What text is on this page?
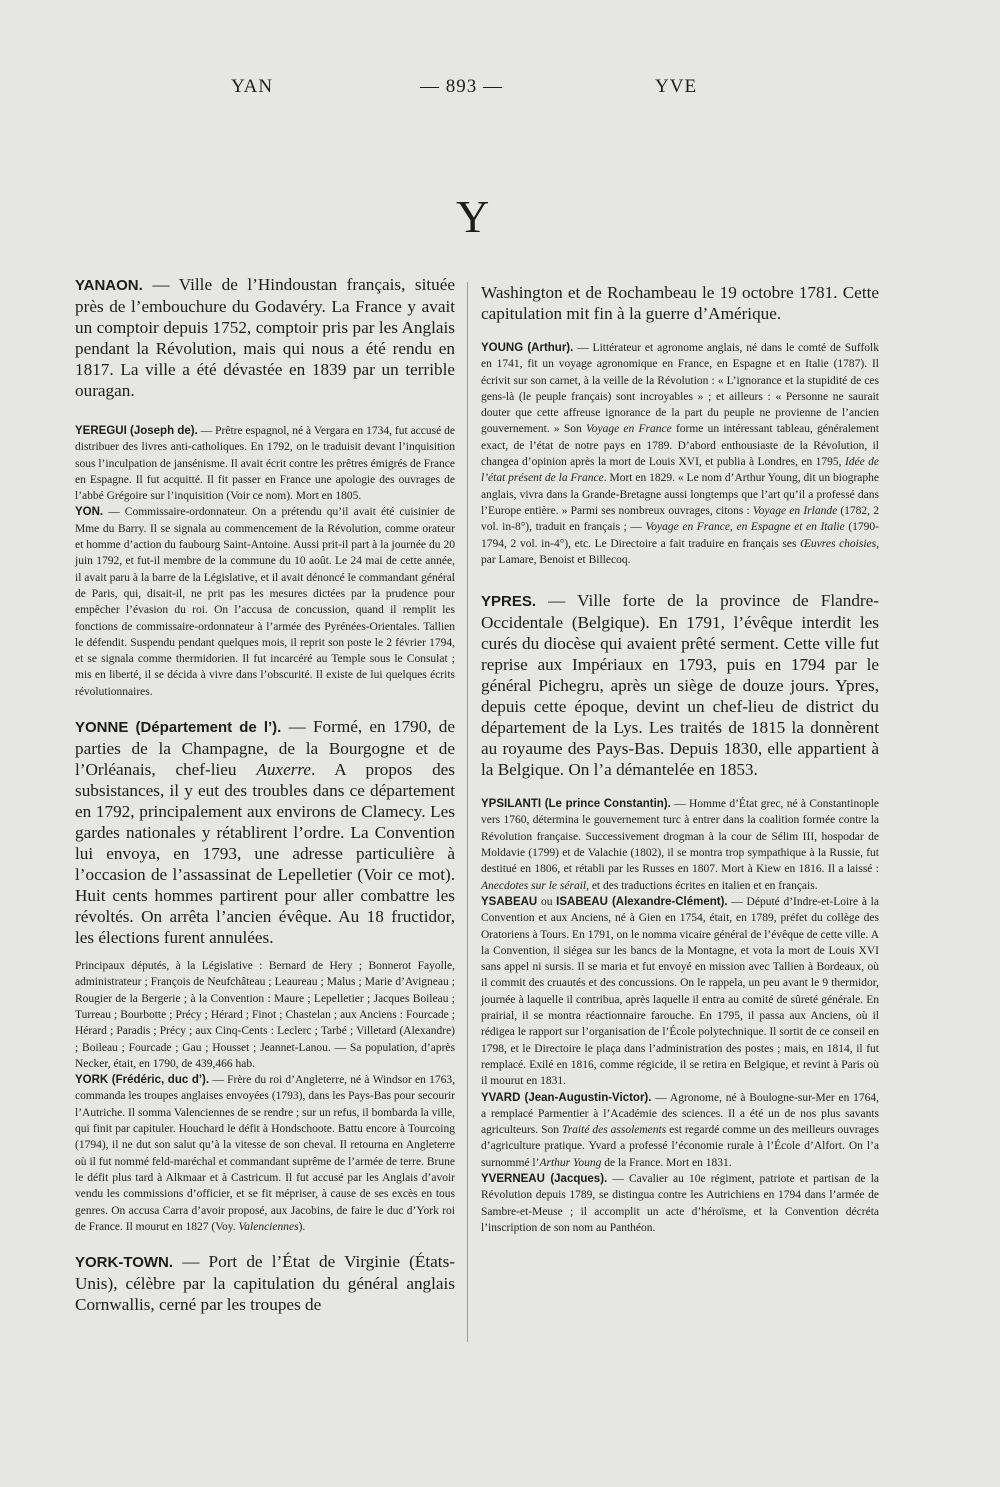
YAN	— 893 —	YVE
Y

YANAON. — Ville de l’Hindoustan français, située près de l’embouchure du Godavéry. La France y avait un comptoir depuis 1752, comptoir pris par les Anglais pendant la Révolution, mais qui nous a été rendu en 1817. La ville a été dévastée en 1839 par un terrible ouragan.

YEREGUI (Joseph de). — Prêtre espagnol, né à Vergara en 1734, fut accusé de distribuer des livres anti-catholiques. En 1792, on le traduisit devant l’inquisition sous l’inculpation de jansénisme. Il avait écrit contre les prêtres émigrés de France en Espagne. Il fut acquitté. Il fit passer en France une apologie des ouvrages de l’abbé Grégoire sur l’inquisition (Voir ce nom). Mort en 1805.

YON. — Commissaire-ordonnateur. On a prétendu qu’il avait été cuisinier de Mme du Barry. Il se signala au commencement de la Révolution, comme orateur et homme d’action du faubourg Saint-Antoine. Aussi prit-il part à la journée du 20 juin 1792, et fut-il membre de la commune du 10 août. Le 24 mai de cette année, il avait paru à la barre de la Législative, et il avait dénoncé le commandant général de Paris, qui, disait-il, ne prit pas les mesures dictées par la prudence pour empêcher l’évasion du roi. On l’accusa de concussion, quand il remplit les fonctions de commissaire-ordonnateur à l’armée des Pyrénées-Orientales. Tallien le défendit. Suspendu pendant quelques mois, il reprit son poste le 2 février 1794, et se signala comme thermidorien. Il fut incarcéré au Temple sous le Consulat ; mis en liberté, il se décida à vivre dans l’obscurité. Il existe de lui quelques écrits révolutionnaires.

YONNE (Département de l’). — Formé, en 1790, de parties de la Champagne, de la Bourgogne et de l’Orléanais, chef-lieu Auxerre. A propos des subsistances, il y eut des troubles dans ce département en 1792, principalement aux environs de Clamecy. Les gardes nationales y rétablirent l’ordre. La Convention lui envoya, en 1793, une adresse particulière à l’occasion de l’assassinat de Lepelletier (Voir ce mot). Huit cents hommes partirent pour aller combattre les révoltés. On arrêta l’ancien évêque. Au 18 fructidor, les élections furent annulées.

Principaux députés, à la Législative : Bernard de Hery ; Bonnerot Fayolle, administrateur ; François de Neufchâteau ; Leaureau ; Malus ; Marie d’Avigneau ; Rougier de la Bergerie ; à la Convention : Maure ; Lepelletier ; Jacques Boileau ; Turreau ; Bourbotte ; Précy ; Hérard ; Finot ; Chastelan ; aux Anciens : Fourcade ; Hérard ; Paradis ; Précy ; aux Cinq-Cents : Leclerc ; Tarbé ; Villetard (Alexandre) ; Boileau ; Fourcade ; Gau ; Housset ; Jeannet-Lanou. — Sa population, d’après Necker, était, en 1790, de 439,466 hab.

YORK (Frédéric, duc d’). — Frère du roi d’Angleterre, né à Windsor en 1763, commanda les troupes anglaises envoyées (1793), dans les Pays-Bas pour secourir l’Autriche. Il somma Valenciennes de se rendre ; sur un refus, il bombarda la ville, qui finit par capituler. Houchard le défit à Hondschoote. Battu encore à Tourcoing (1794), il ne dut son salut qu’à la vitesse de son cheval. Il retourna en Angleterre où il fut nommé feld-maréchal et commandant suprême de l’armée de terre. Brune le défit plus tard à Alkmaar et à Castricum. Il fut accusé par les Anglais d’avoir vendu les commissions d’officier, et se fit mépriser, à cause de ses excès en tous genres. On accusa Carra d’avoir proposé, aux Jacobins, de faire le duc d’York roi de France. Il mourut en 1827 (Voy. Valenciennes).

YORK-TOWN. — Port de l’État de Virginie (États-Unis), célèbre par la capitulation du général anglais Cornwallis, cerné par les troupes de

Washington et de Rochambeau le 19 octobre 1781. Cette capitulation mit fin à la guerre d’Amérique.

YOUNG (Arthur). — Littérateur et agronome anglais, né dans le comté de Suffolk en 1741, fit un voyage agronomique en France, en Espagne et en Italie (1787). Il écrivit sur son carnet, à la veille de la Révolution : « L’ignorance et la stupidité de ces gens-là (le peuple français) sont incroyables » ; et ailleurs : « Personne ne saurait douter que cette affreuse ignorance de la part du peuple ne provienne de l’ancien gouvernement. » Son Voyage en France forme un intéressant tableau, généralement exact, de l’état de notre pays en 1789. D’abord enthousiaste de la Révolution, il changea d’opinion après la mort de Louis XVI, et publia à Londres, en 1795, Idée de l’état présent de la France. Mort en 1829. « Le nom d’Arthur Young, dit un biographe anglais, vivra dans la Grande-Bretagne aussi longtemps que l’art qu’il a professé dans l’Europe entière. » Parmi ses nombreux ouvrages, citons : Voyage en Irlande (1782, 2 vol. in-8°), traduit en français ; — Voyage en France, en Espagne et en Italie (1790-1794, 2 vol. in-4°), etc. Le Directoire a fait traduire en français ses Œuvres choisies, par Lamare, Benoist et Billecoq.

YPRES. — Ville forte de la province de Flandre-Occidentale (Belgique). En 1791, l’évêque interdit les curés du diocèse qui avaient prêté serment. Cette ville fut reprise aux Impériaux en 1793, puis en 1794 par le général Pichegru, après un siège de douze jours. Ypres, depuis cette époque, devint un chef-lieu de district du département de la Lys. Les traités de 1815 la donnèrent au royaume des Pays-Bas. Depuis 1830, elle appartient à la Belgique. On l’a démantelée en 1853.

YPSILANTI (Le prince Constantin). — Homme d’État grec, né à Constantinople vers 1760, détermina le gouvernement turc à entrer dans la coalition formée contre la Révolution française. Successivement drogman à la cour de Sélim III, hospodar de Moldavie (1799) et de Valachie (1802), il se montra trop sympathique à la Russie, fut destitué en 1806, et rétabli par les Russes en 1807. Mort à Kiew en 1816. Il a laissé : Anecdotes sur le sérail, et des traductions écrites en italien et en français.

YSABEAU ou ISABEAU (Alexandre-Clément). — Député d’Indre-et-Loire à la Convention et aux Anciens, né à Gien en 1754, était, en 1789, préfet du collège des Oratoriens à Tours. En 1791, on le nomma vicaire général de l’évêque de cette ville. A la Convention, il siégea sur les bancs de la Montagne, et vota la mort de Louis XVI sans appel ni sursis. Il se maria et fut envoyé en mission avec Tallien à Bordeaux, où il commit des cruautés et des concussions. On le rappela, un peu avant le 9 thermidor, journée à laquelle il contribua, après laquelle il entra au comité de sûreté générale. En prairial, il se montra réactionnaire farouche. En 1795, il passa aux Anciens, où il rédigea le rapport sur l’organisation de l’École polytechnique. Il sortit de ce conseil en 1798, et le Directoire le plaça dans l’administration des postes ; mais, en 1814, il fut remplacé. Exilé en 1816, comme régicide, il se retira en Belgique, et revint à Paris où il mourut en 1831.

YVARD (Jean-Augustin-Victor). — Agronome, né à Boulogne-sur-Mer en 1764, a remplacé Parmentier à l’Académie des sciences. Il a été un de nos plus savants agriculteurs. Son Traité des assolements est regardé comme un des meilleurs ouvrages d’agriculture pratique. Yvard a professé l’économie rurale à l’École d’Alfort. On l’a surnommé l’Arthur Young de la France. Mort en 1831.

YVERNEAU (Jacques). — Cavalier au 10e régiment, patriote et partisan de la Révolution depuis 1789, se distingua contre les Autrichiens en 1794 dans l’armée de Sambre-et-Meuse ; il accomplit un acte d’héroïsme, et la Convention décréta l’inscription de son nom au Panthéon.
